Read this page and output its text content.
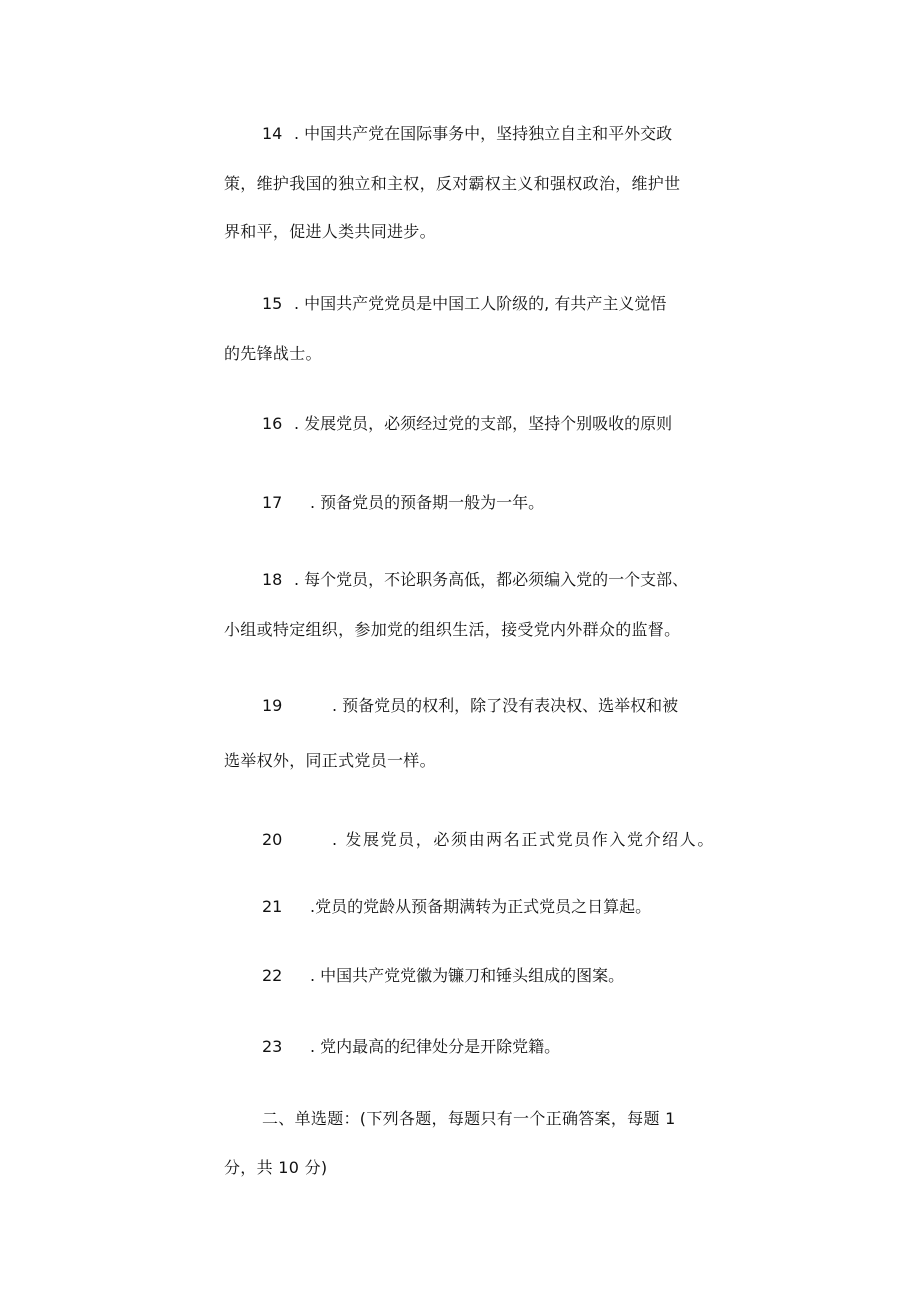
14 . 中国共产党在国际事务中，坚持独立自主和平外交政
策，维护我国的独立和主权，反对霸权主义和强权政治，维护世
界和平，促进人类共同进步。
15 . 中国共产党党员是中国工人阶级的, 有共产主义觉悟
的先锋战士。
16 . 发展党员，必须经过党的支部，坚持个别吸收的原则
17 . 预备党员的预备期一般为一年。
18 . 每个党员，不论职务高低，都必须编入党的一个支部、
小组或特定组织，参加党的组织生活，接受党内外群众的监督。
19	. 预备党员的权利，除了没有表决权、选举权和被
选举权外，同正式党员一样。
20	. 发展党员，必须由两名正式党员作入党介绍人。
21 .党员的党龄从预备期满转为正式党员之日算起。
22 . 中国共产党党徽为镰刀和锤头组成的图案。
23 . 党内最高的纪律处分是开除党籍。
二、单选题：(下列各题，每题只有一个正确答案，每题 1
分，共 10 分)
